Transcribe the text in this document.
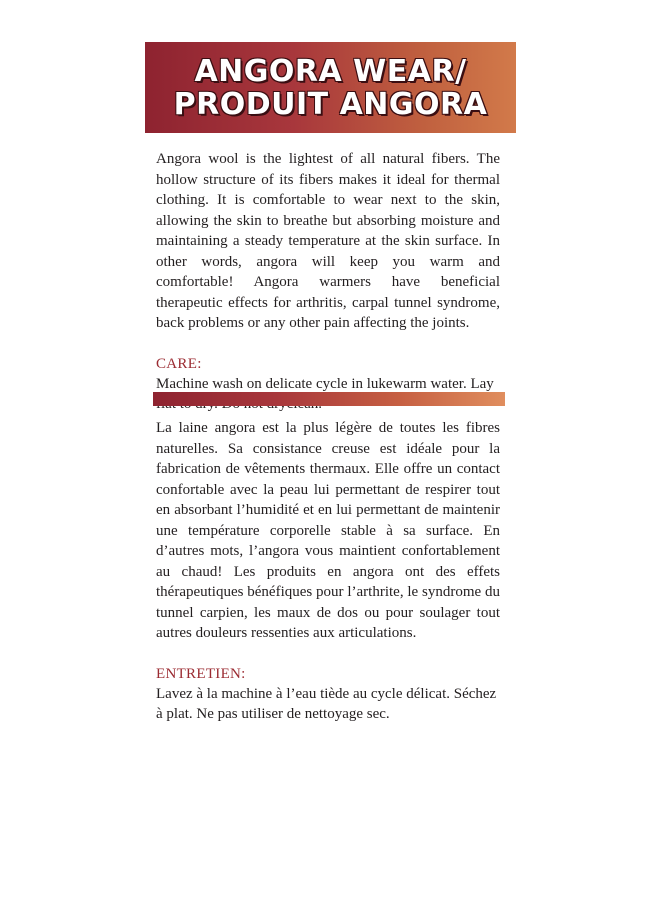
ANGORA WEAR/
PRODUIT ANGORA

Angora wool is the lightest of all natural fibers. The hollow structure of its fibers makes it ideal for thermal clothing. It is comfortable to wear next to the skin, allowing the skin to breathe but absorbing moisture and maintaining a steady temperature at the skin surface. In other words, angora will keep you warm and comfortable! Angora warmers have beneficial therapeutic effects for arthritis, carpal tunnel syndrome, back problems or any other pain affecting the joints.

CARE:

Machine wash on delicate cycle in lukewarm water. Lay

La laine angora est la plus légère de toutes les fibres naturelles. Sa consistance creuse est idéale pour la fabrication de vêtements thermaux. Elle offre un contact confortable avec la peau lui permettant de respirer tout en absorbant l’humidité et en lui permettant de maintenir une température corporelle stable à sa surface. En d’autres mots, l’angora vous maintient confortablement au chaud! Les produits en angora ont des effets thérapeutiques bénéfiques pour l’arthrite, le syndrome du tunnel carpien, les maux de dos ou pour soulager tout autres douleurs ressenties aux articulations.

ENTRETIEN:

Lavez à la machine à l’eau tiède au cycle délicat. Séchez à plat. Ne pas utiliser de nettoyage sec.
